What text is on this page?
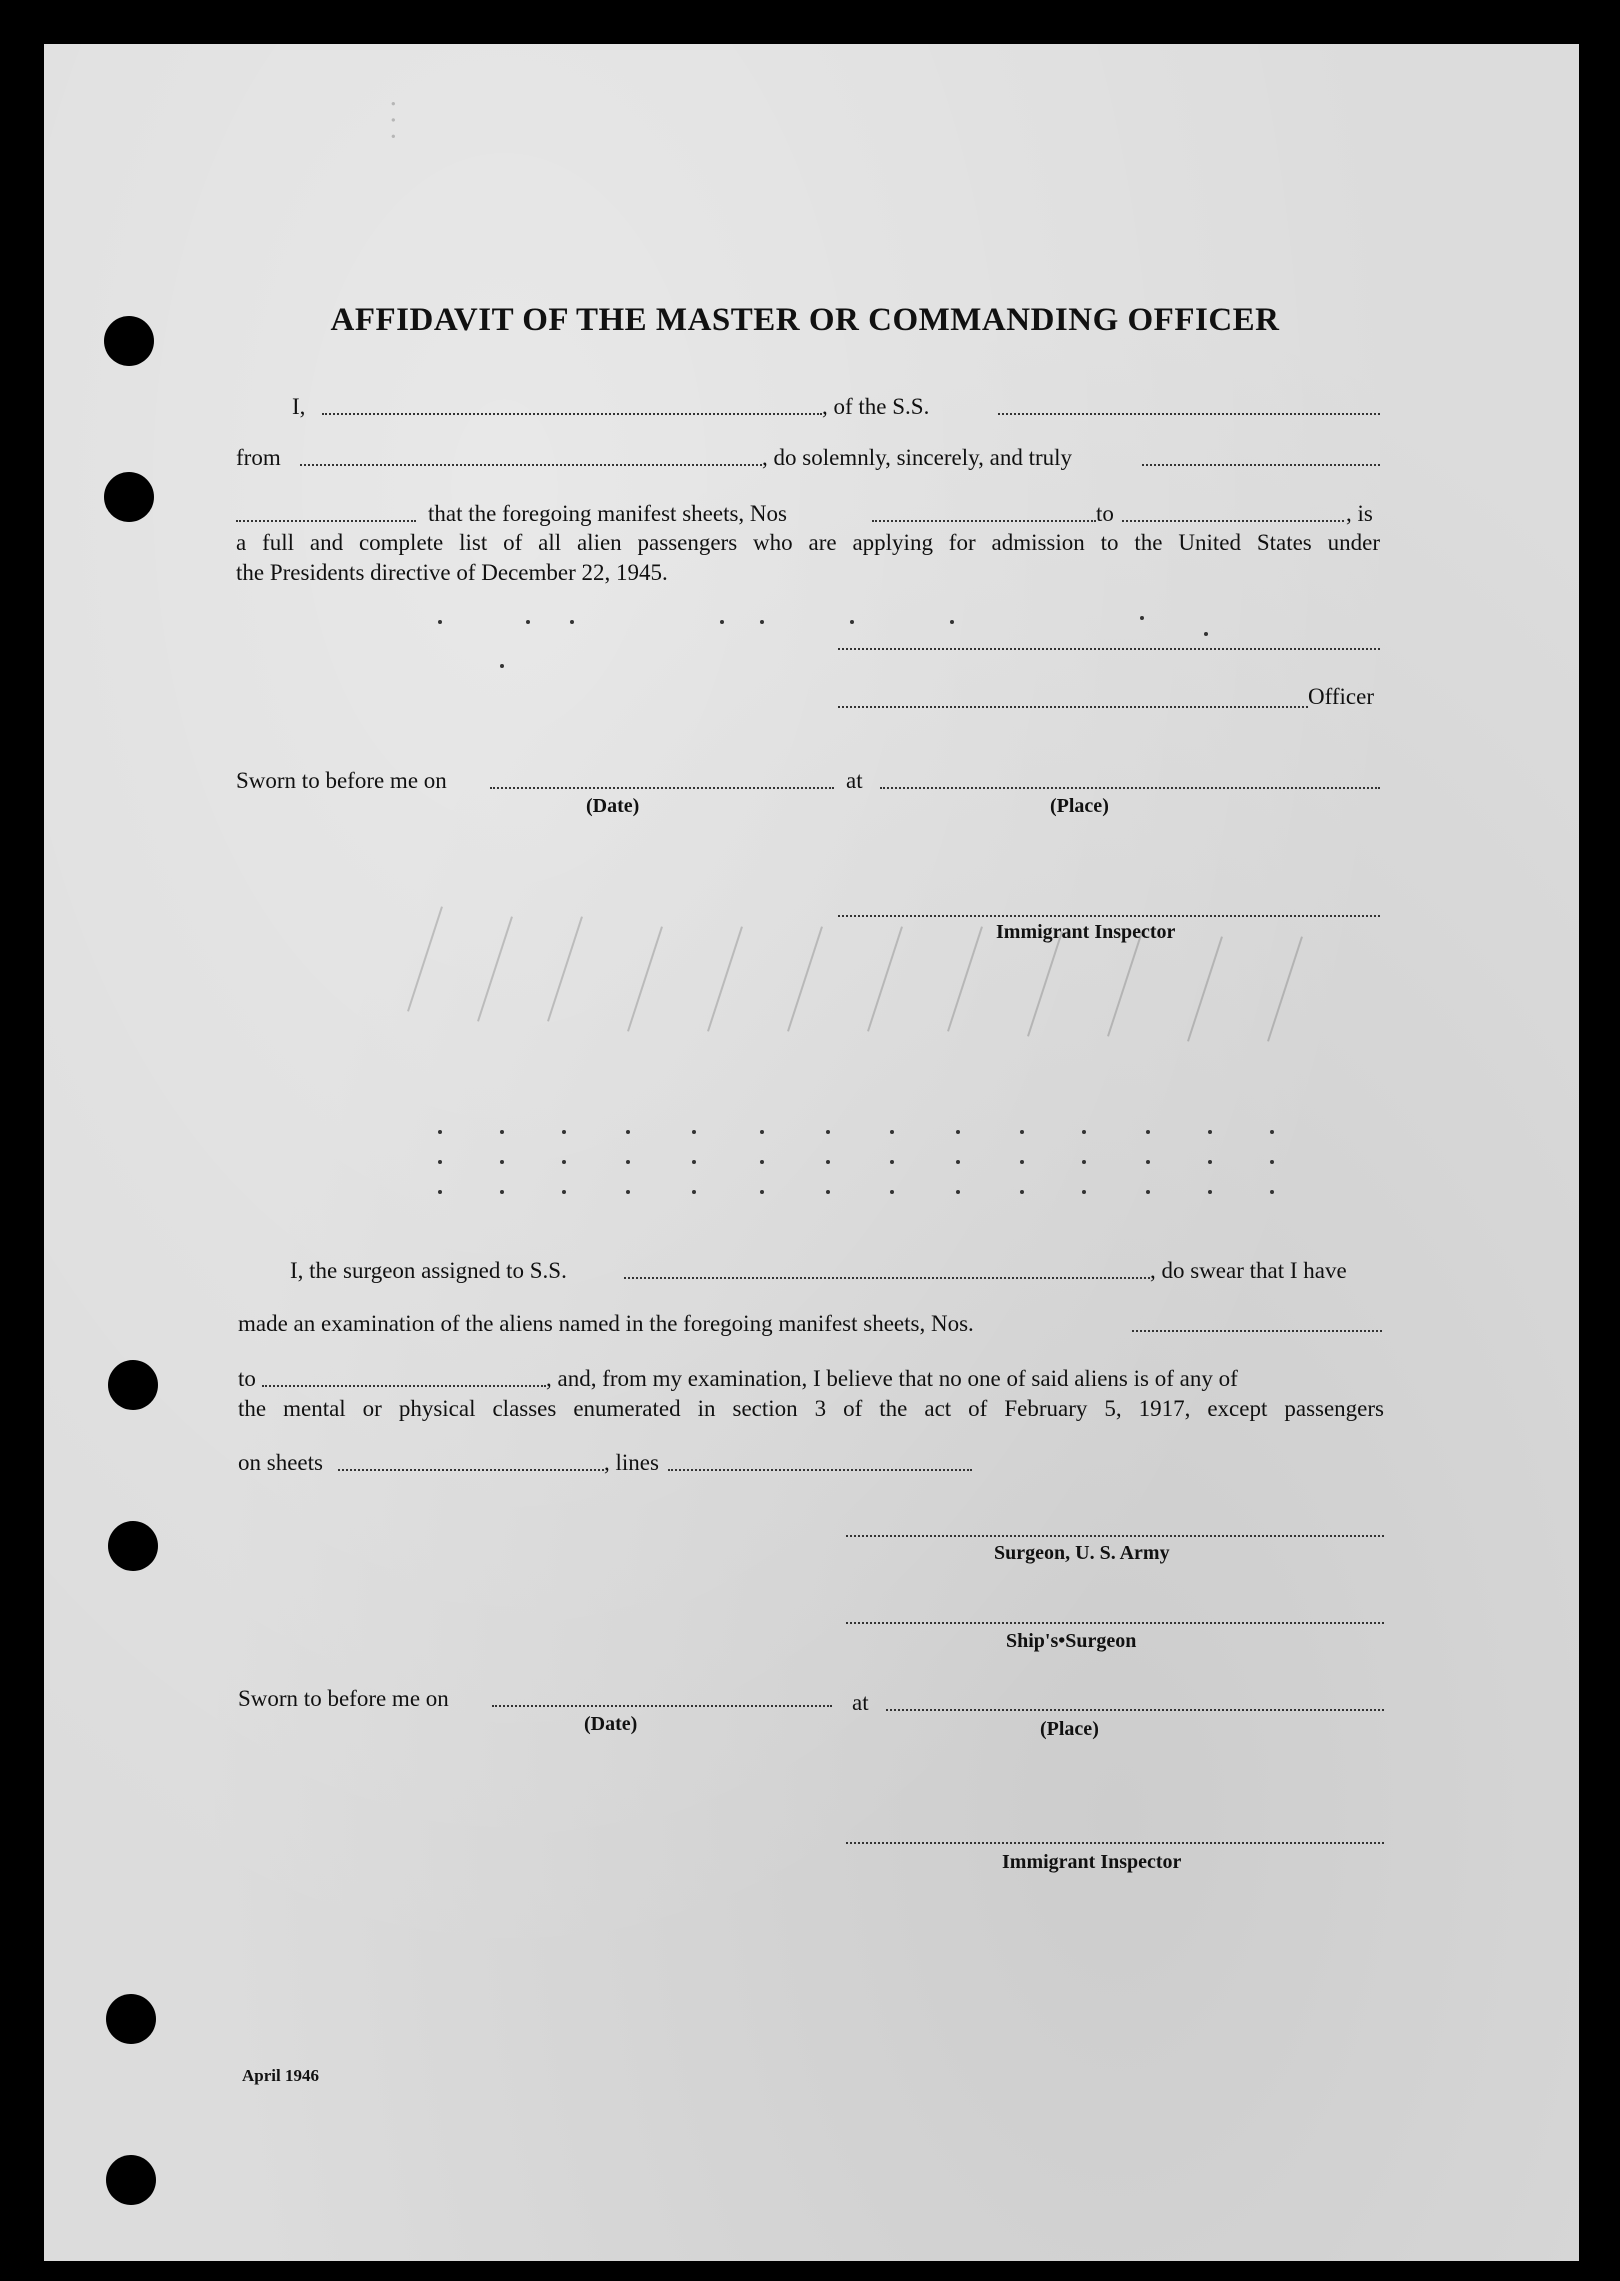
· · ·
AFFIDAVIT OF THE MASTER OR COMMANDING OFFICER
I,	, of the S.S.
from	, do solemnly, sincerely, and truly
that the foregoing manifest sheets, Nos	to	, is
a full and complete list of all alien passengers who are applying for admission to the United States under
the Presidents directive of December 22, 1945.
Officer
Sworn to before me on	at
(Date)	(Place)
Immigrant Inspector
I, the surgeon assigned to S.S.	, do swear that I have
made an examination of the aliens named in the foregoing manifest sheets, Nos.
to	, and, from my examination, I believe that no one of said aliens is of any of
the mental or physical classes enumerated in section 3 of the act of February 5, 1917, except passengers
on sheets	, lines
Surgeon, U. S. Army
Ship's•Surgeon
Sworn to before me on	at
(Date)	(Place)
Immigrant Inspector
April 1946
